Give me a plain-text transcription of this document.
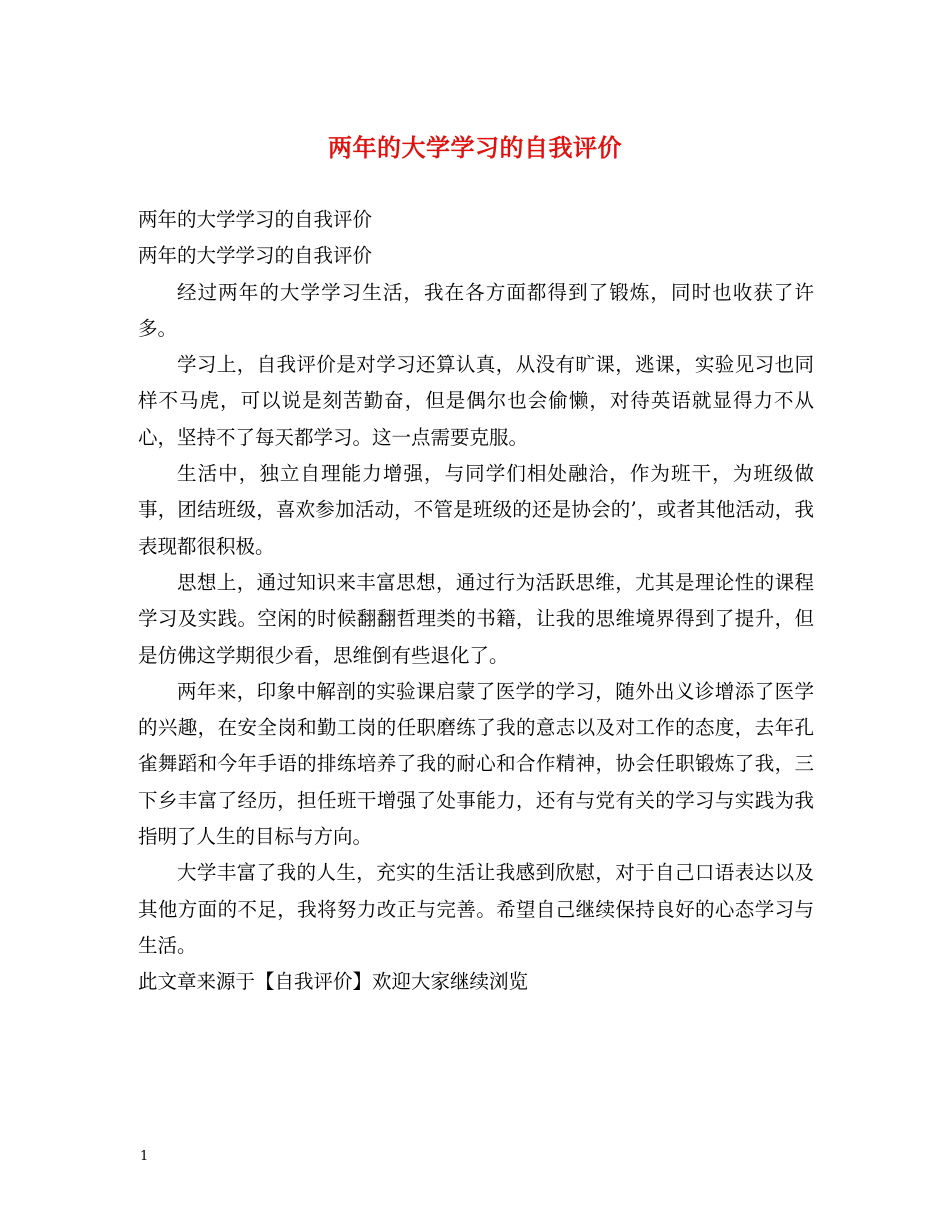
两年的大学学习的自我评价

两年的大学学习的自我评价

两年的大学学习的自我评价

经过两年的大学学习生活，我在各方面都得到了锻炼，同时也收获了许多。

学习上，自我评价是对学习还算认真，从没有旷课，逃课，实验见习也同样不马虎，可以说是刻苦勤奋，但是偶尔也会偷懒，对待英语就显得力不从心，坚持不了每天都学习。这一点需要克服。

生活中，独立自理能力增强，与同学们相处融洽，作为班干，为班级做事，团结班级，喜欢参加活动，不管是班级的还是协会的’，或者其他活动，我表现都很积极。

思想上，通过知识来丰富思想，通过行为活跃思维，尤其是理论性的课程学习及实践。空闲的时候翻翻哲理类的书籍，让我的思维境界得到了提升，但是仿佛这学期很少看，思维倒有些退化了。

两年来，印象中解剖的实验课启蒙了医学的学习，随外出义诊增添了医学的兴趣，在安全岗和勤工岗的任职磨练了我的意志以及对工作的态度，去年孔雀舞蹈和今年手语的排练培养了我的耐心和合作精神，协会任职锻炼了我，三下乡丰富了经历，担任班干增强了处事能力，还有与党有关的学习与实践为我指明了人生的目标与方向。

大学丰富了我的人生，充实的生活让我感到欣慰，对于自己口语表达以及其他方面的不足，我将努力改正与完善。希望自己继续保持良好的心态学习与生活。

此文章来源于【自我评价】欢迎大家继续浏览

1
